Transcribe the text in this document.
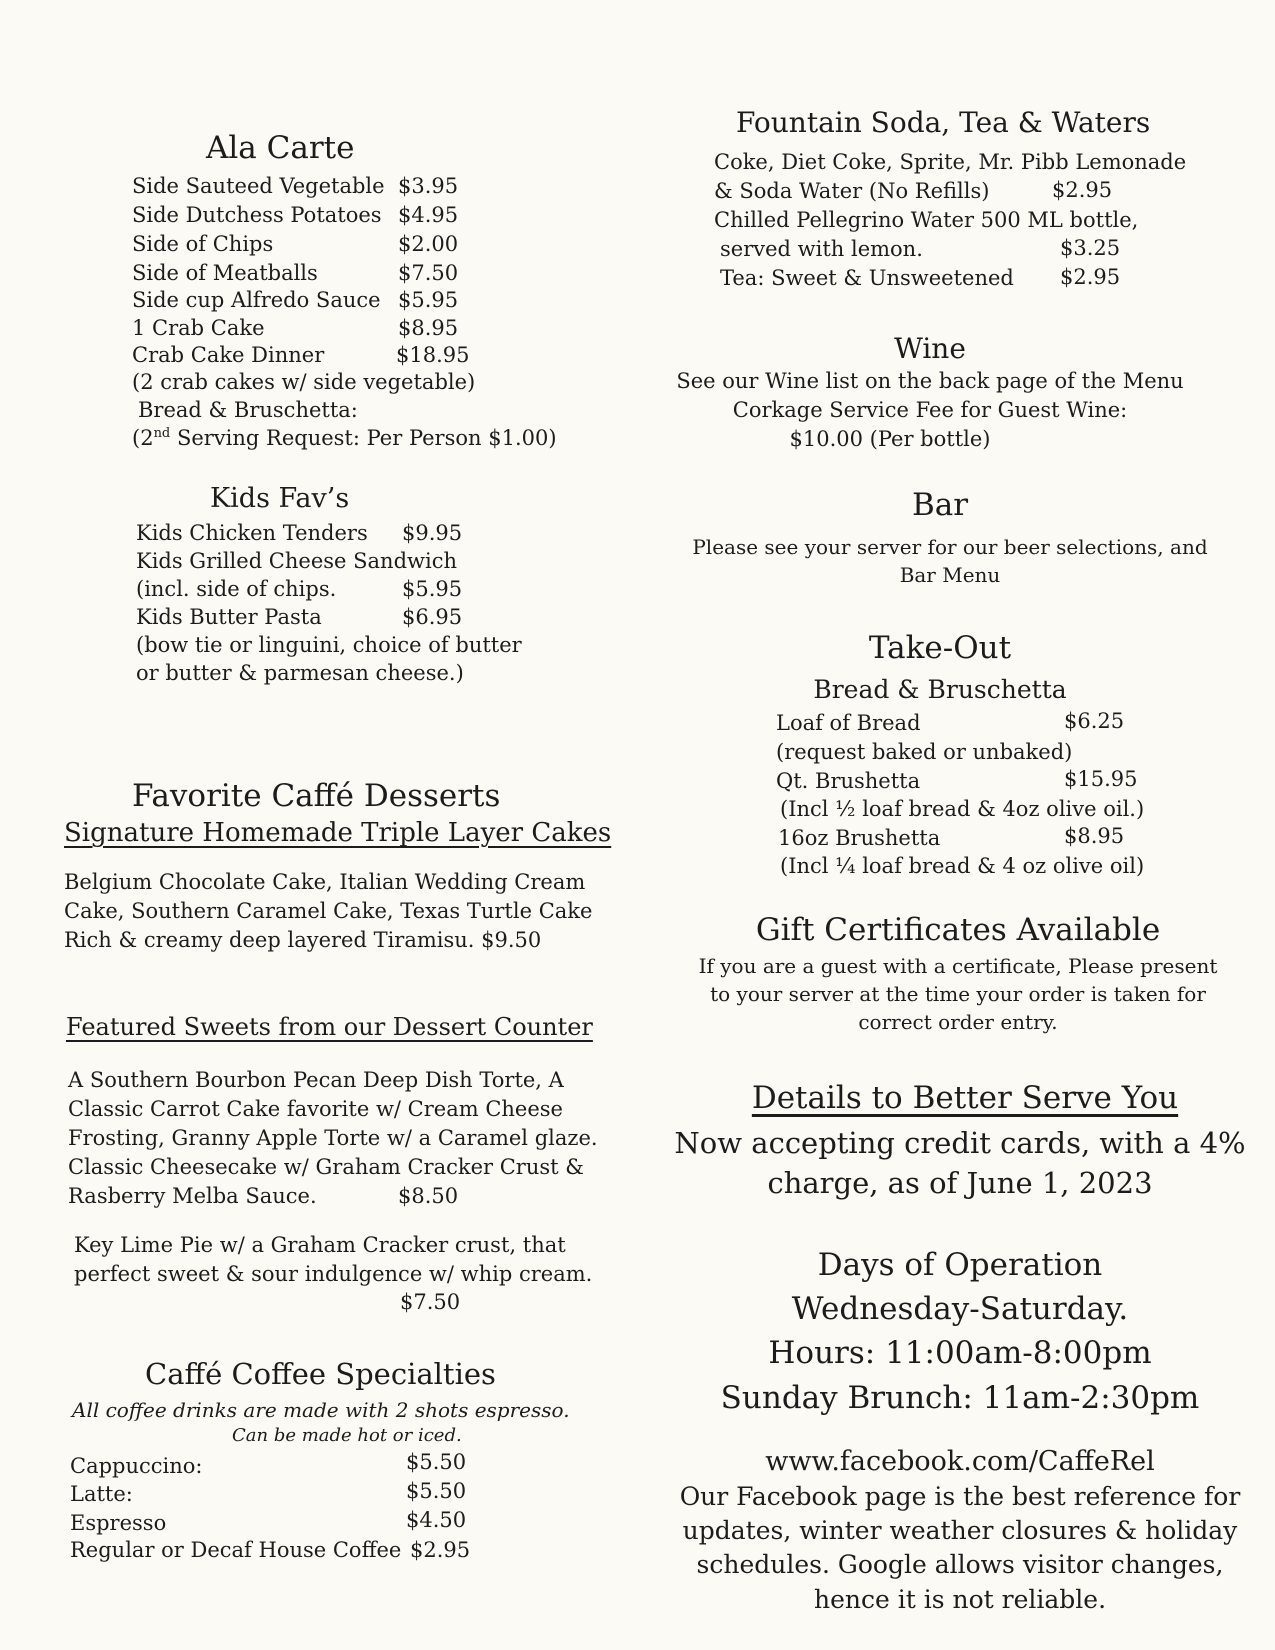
Ala Carte
Side Sauteed Vegetable $3.95
Side Dutchess Potatoes $4.95
Side of Chips	$2.00
Side of Meatballs	$7.50
Side cup Alfredo Sauce $5.95
1 Crab Cake	$8.95
Crab Cake Dinner	$18.95
(2 crab cakes w/ side vegetable)
Bread & Bruschetta:
(2nd Serving Request: Per Person $1.00)
Kids Fav’s
Kids Chicken Tenders $9.95
Kids Grilled Cheese Sandwich
(incl. side of chips.	$5.95
Kids Butter Pasta	$6.95
(bow tie or linguini, choice of butter
or butter & parmesan cheese.)
Favorite Caffé Desserts
Signature Homemade Triple Layer Cakes
Belgium Chocolate Cake, Italian Wedding Cream
Cake, Southern Caramel Cake, Texas Turtle Cake
Rich & creamy deep layered Tiramisu. $9.50
Featured Sweets from our Dessert Counter
A Southern Bourbon Pecan Deep Dish Torte, A
Classic Carrot Cake favorite w/ Cream Cheese
Frosting, Granny Apple Torte w/ a Caramel glaze.
Classic Cheesecake w/ Graham Cracker Crust &
Rasberry Melba Sauce.	$8.50
Key Lime Pie w/ a Graham Cracker crust, that
perfect sweet & sour indulgence w/ whip cream.
$7.50
Caffé Coffee Specialties
All coffee drinks are made with 2 shots espresso.
Can be made hot or iced.
Cappuccino:	$5.50
Latte:	$5.50
Espresso	$4.50
Regular or Decaf House Coffee $2.95
Fountain Soda, Tea & Waters
Coke, Diet Coke, Sprite, Mr. Pibb Lemonade
& Soda Water (No Refills)	$2.95
Chilled Pellegrino Water 500 ML bottle,
served with lemon.	$3.25
Tea: Sweet & Unsweetened $2.95
Wine
See our Wine list on the back page of the Menu
Corkage Service Fee for Guest Wine:
$10.00 (Per bottle)
Bar
Please see your server for our beer selections, and
Bar Menu
Take-Out
Bread & Bruschetta
Loaf of Bread	$6.25
(request baked or unbaked)
Qt. Brushetta	$15.95
(Incl ½ loaf bread & 4oz olive oil.)
16oz Brushetta	$8.95
(Incl ¼ loaf bread & 4 oz olive oil)
Gift Certificates Available
If you are a guest with a certificate, Please present
to your server at the time your order is taken for
correct order entry.
Details to Better Serve You
Now accepting credit cards, with a 4%
charge, as of June 1, 2023
Days of Operation
Wednesday-Saturday.
Hours: 11:00am-8:00pm
Sunday Brunch: 11am-2:30pm
www.facebook.com/CaffeRel
Our Facebook page is the best reference for
updates, winter weather closures & holiday
schedules. Google allows visitor changes,
hence it is not reliable.
